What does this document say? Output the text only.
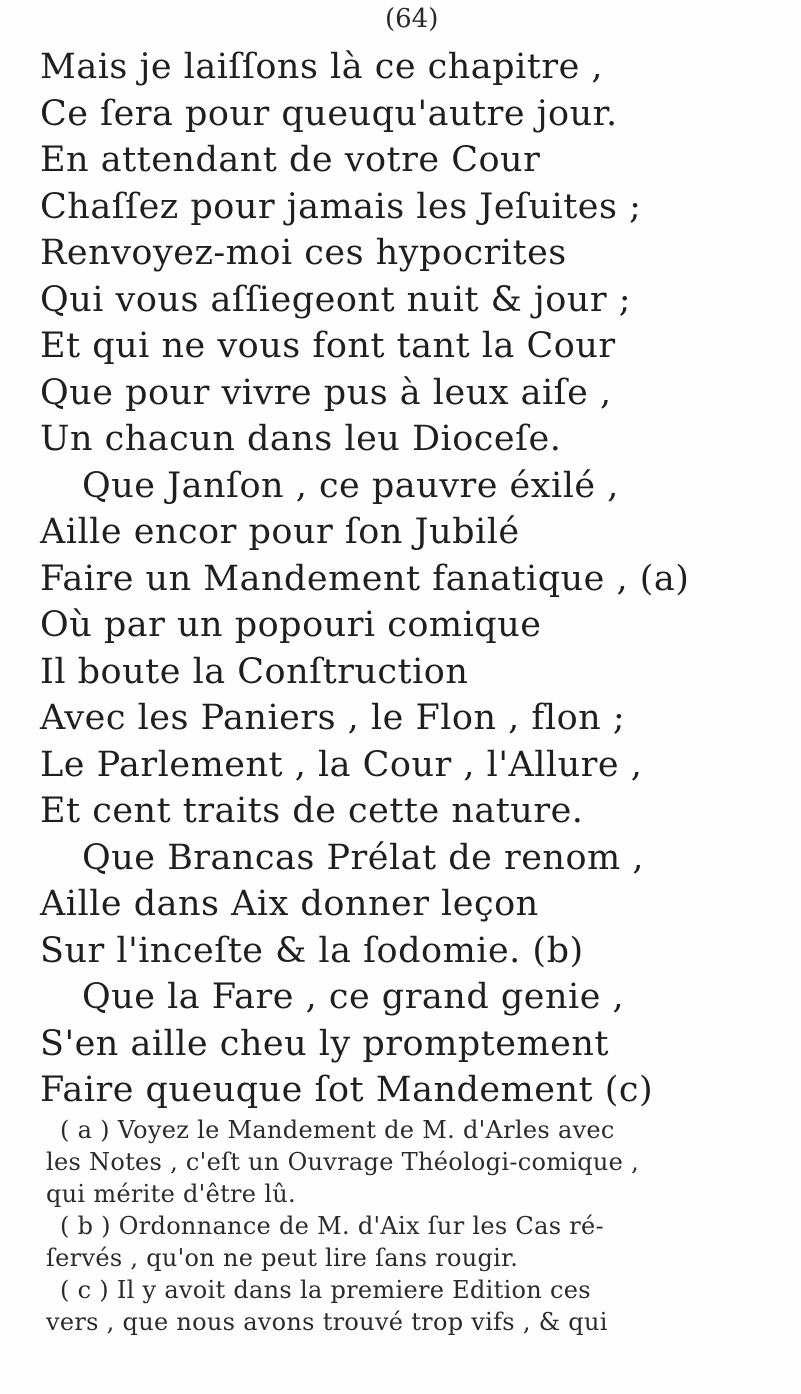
(64)
Mais je laiſſons là ce chapitre ,
Ce ſera pour queuqu'autre jour.
En attendant de votre Cour
Chaſſez pour jamais les Jeſuites ;
Renvoyez-moi ces hypocrites
Qui vous aſſiegeont nuit & jour ;
Et qui ne vous font tant la Cour
Que pour vivre pus à leux aiſe ,
Un chacun dans leu Dioceſe.
Que Janſon , ce pauvre éxilé ,
Aille encor pour ſon Jubilé
Faire un Mandement fanatique , (a)
Où par un popouri comique
Il boute la Conſtruction
Avec les Paniers , le Flon , flon ;
Le Parlement , la Cour , l'Allure ,
Et cent traits de cette nature.
Que Brancas Prélat de renom ,
Aille dans Aix donner leçon
Sur l'inceſte & la ſodomie. (b)
Que la Fare , ce grand genie ,
S'en aille cheu ly promptement
Faire queuque ſot Mandement (c)
( a ) Voyez le Mandement de M. d'Arles avec
les Notes , c'eſt un Ouvrage Théologi-comique ,
qui mérite d'être lû.
( b ) Ordonnance de M. d'Aix ſur les Cas ré-
ſervés , qu'on ne peut lire ſans rougir.
( c ) Il y avoit dans la premiere Edition ces
vers , que nous avons trouvé trop vifs , & qui
